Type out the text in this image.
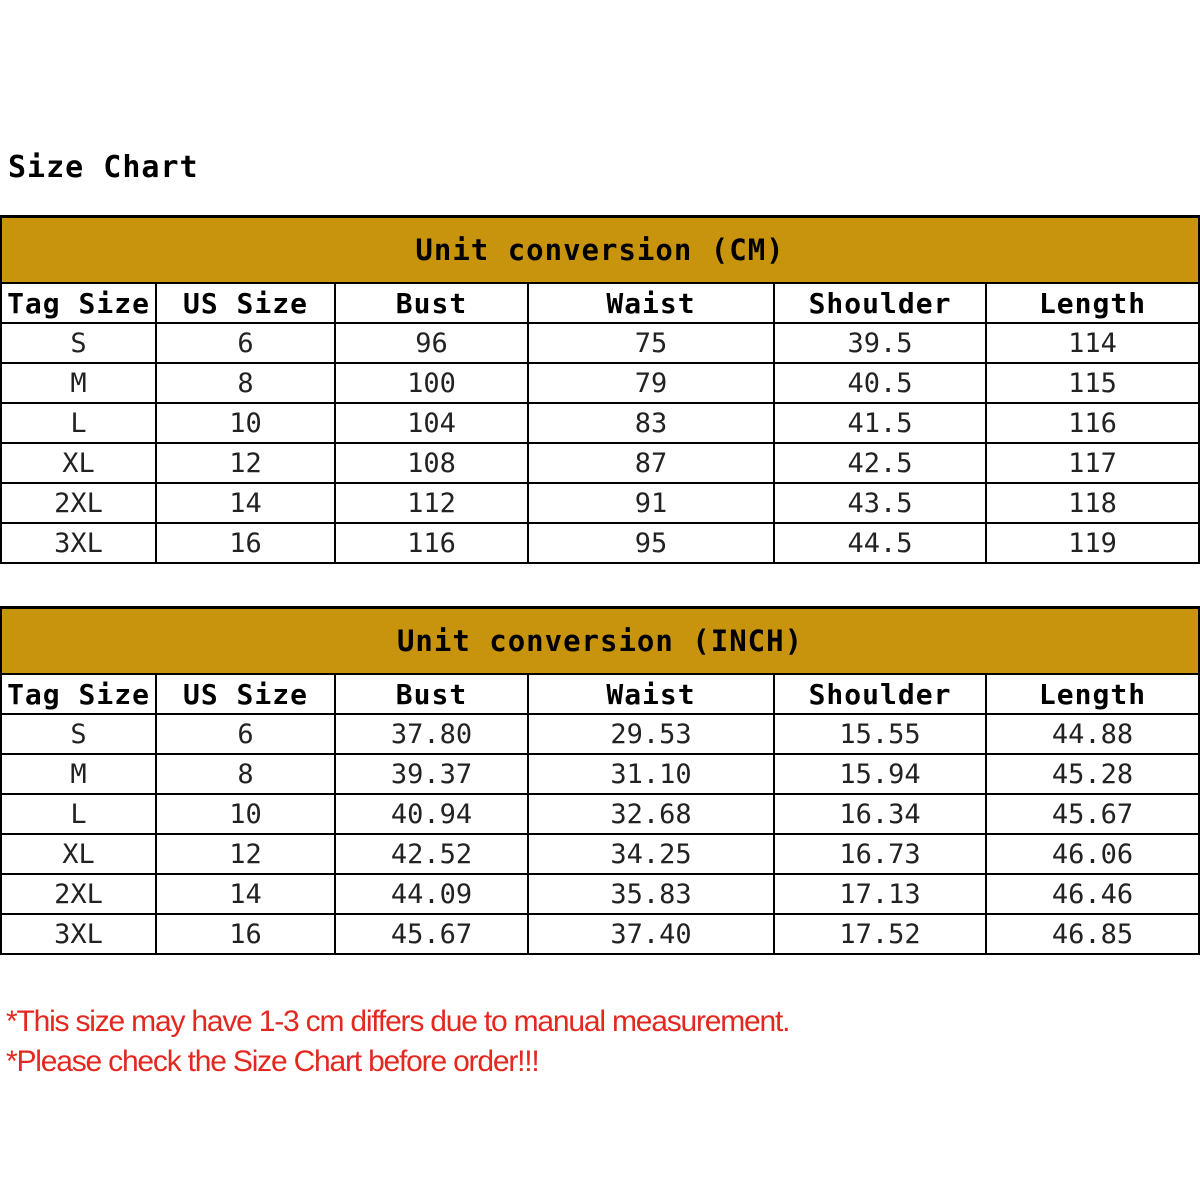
Size Chart
Unit conversion (CM)					
Tag Size	US Size	Bust	Waist	Shoulder	Length
S	6	96	75	39.5	114
M	8	100	79	40.5	115
L	10	104	83	41.5	116
XL	12	108	87	42.5	117
2XL	14	112	91	43.5	118
3XL	16	116	95	44.5	119
Unit conversion (INCH)					
Tag Size	US Size	Bust	Waist	Shoulder	Length
S	6	37.80	29.53	15.55	44.88
M	8	39.37	31.10	15.94	45.28
L	10	40.94	32.68	16.34	45.67
XL	12	42.52	34.25	16.73	46.06
2XL	14	44.09	35.83	17.13	46.46
3XL	16	45.67	37.40	17.52	46.85
*This size may have 1-3 cm differs due to manual measurement.
*Please check the Size Chart before order!!!
